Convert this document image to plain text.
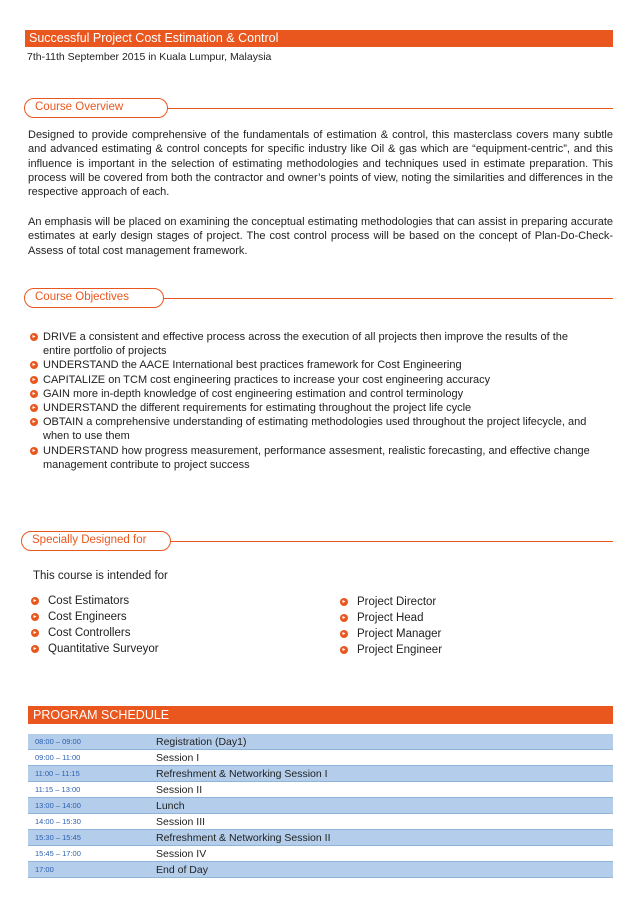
Successful Project Cost Estimation & Control
7th-11th September 2015 in Kuala Lumpur, Malaysia
Course Overview

Designed to provide comprehensive of the fundamentals of estimation & control, this masterclass covers many subtle and advanced estimating & control concepts for specific industry like Oil & gas which are “equipment-centric”, and this influence is important in the selection of estimating methodologies and techniques used in estimate preparation. This process will be covered from both the contractor and owner’s points of view, noting the similarities and differences in the respective approach of each.

An emphasis will be placed on examining the conceptual estimating methodologies that can assist in preparing accurate estimates at early design stages of project. The cost control process will be based on the concept of Plan-Do-Check-Assess of total cost management framework.

Course Objectives
▸ DRIVE a consistent and effective process across the execution of all projects then improve the results of the entire portfolio of projects
▸ UNDERSTAND the AACE International best practices framework for Cost Engineering
▸ CAPITALIZE on TCM cost engineering practices to increase your cost engineering accuracy
▸ GAIN more in-depth knowledge of cost engineering estimation and control terminology
▸ UNDERSTAND the different requirements for estimating throughout the project life cycle
▸ OBTAIN a comprehensive understanding of estimating methodologies used throughout the project lifecycle, and when to use them
▸ UNDERSTAND how progress measurement, performance assesment, realistic forecasting, and effective change management contribute to project success
Specially Designed for
This course is intended for
▸ Cost Estimators
▸ Cost Engineers
▸ Cost Controllers
▸ Quantitative Surveyor
▸ Project Director
▸ Project Head
▸ Project Manager
▸ Project Engineer
PROGRAM SCHEDULE
08:00 – 09:00	Registration (Day1)
09:00 – 11:00	Session I
11:00 – 11:15	Refreshment & Networking Session I
11:15 – 13:00	Session II
13:00 – 14:00	Lunch
14:00 – 15:30	Session III
15:30 – 15:45	Refreshment & Networking Session II
15:45 – 17:00	Session IV
17:00	End of Day
